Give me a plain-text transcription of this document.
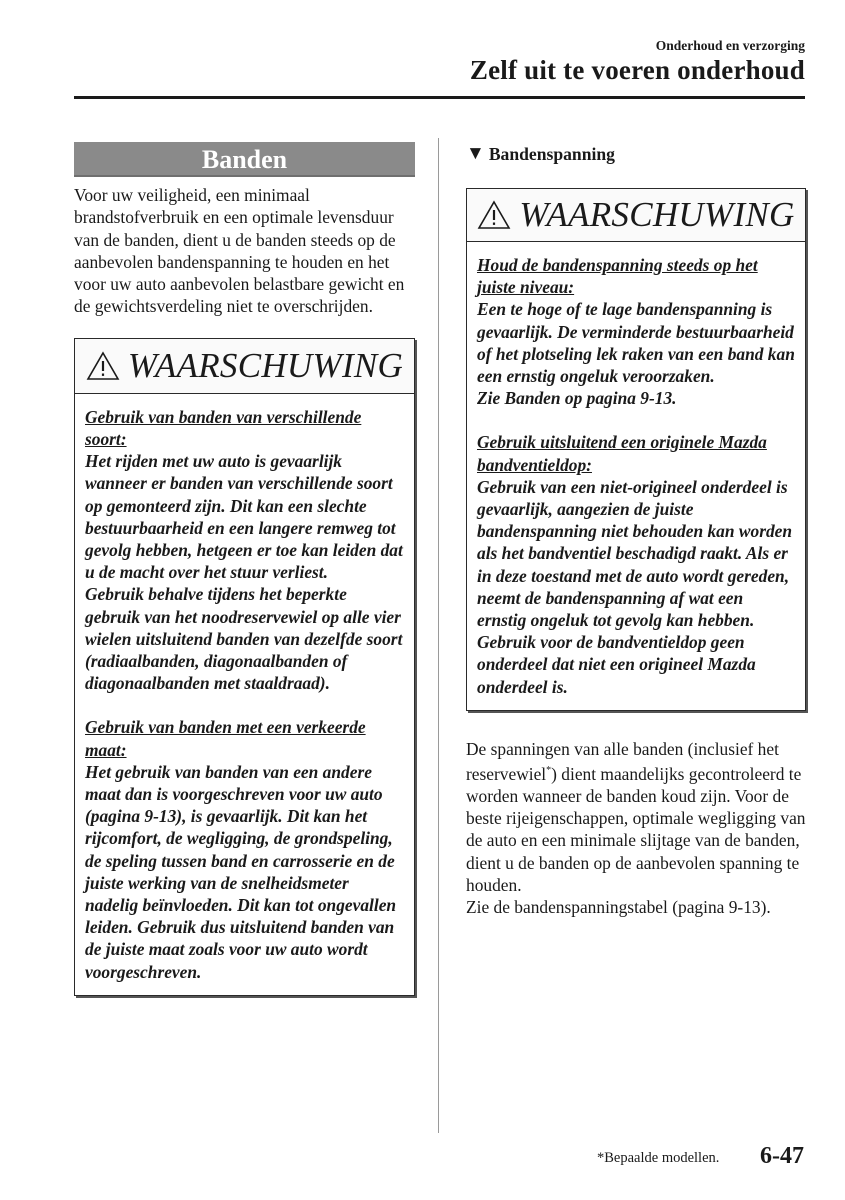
Onderhoud en verzorging
Zelf uit te voeren onderhoud
Banden

Voor uw veiligheid, een minimaal brandstofverbruik en een optimale levensduur van de banden, dient u de banden steeds op de aanbevolen bandenspanning te houden en het voor uw auto aanbevolen belastbare gewicht en de gewichtsverdeling niet te overschrijden.

WAARSCHUWING

Gebruik van banden van verschillende soort:
Het rijden met uw auto is gevaarlijk wanneer er banden van verschillende soort op gemonteerd zijn. Dit kan een slechte bestuurbaarheid en een langere remweg tot gevolg hebben, hetgeen er toe kan leiden dat u de macht over het stuur verliest.

Gebruik behalve tijdens het beperkte gebruik van het noodreservewiel op alle vier wielen uitsluitend banden van dezelfde soort (radiaalbanden, diagonaalbanden of diagonaalbanden met staaldraad).

Gebruik van banden met een verkeerde maat:
Het gebruik van banden van een andere maat dan is voorgeschreven voor uw auto (pagina 9-13), is gevaarlijk. Dit kan het rijcomfort, de wegligging, de grondspeling, de speling tussen band en carrosserie en de juiste werking van de snelheidsmeter nadelig beïnvloeden. Dit kan tot ongevallen leiden. Gebruik dus uitsluitend banden van de juiste maat zoals voor uw auto wordt voorgeschreven.

▼ Bandenspanning
WAARSCHUWING

Houd de bandenspanning steeds op het juiste niveau:
Een te hoge of te lage bandenspanning is gevaarlijk. De verminderde bestuurbaarheid of het plotseling lek raken van een band kan een ernstig ongeluk veroorzaken.

Zie Banden op pagina 9-13.

Gebruik uitsluitend een originele Mazda bandventieldop:
Gebruik van een niet-origineel onderdeel is gevaarlijk, aangezien de juiste bandenspanning niet behouden kan worden als het bandventiel beschadigd raakt. Als er in deze toestand met de auto wordt gereden, neemt de bandenspanning af wat een ernstig ongeluk tot gevolg kan hebben.

Gebruik voor de bandventieldop geen onderdeel dat niet een origineel Mazda onderdeel is.

De spanningen van alle banden (inclusief het reservewiel*) dient maandelijks gecontroleerd te worden wanneer de banden koud zijn. Voor de beste rijeigenschappen, optimale wegligging van de auto en een minimale slijtage van de banden, dient u de banden op de aanbevolen spanning te houden.
Zie de bandenspanningstabel (pagina 9-13).

*Bepaalde modellen. 6-47
